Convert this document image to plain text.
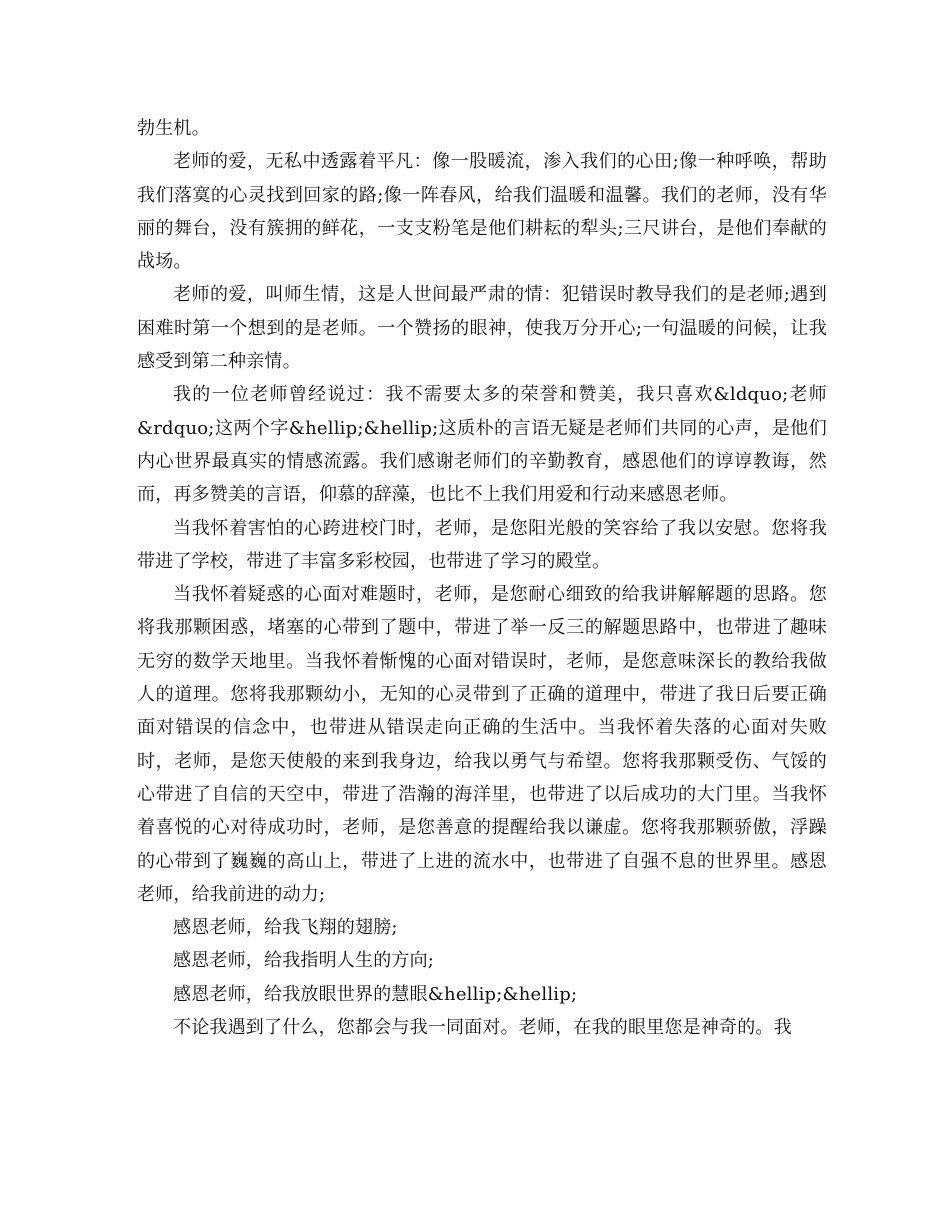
勃生机。

老师的爱，无私中透露着平凡：像一股暖流，渗入我们的心田;像一种呼唤，帮助我们落寞的心灵找到回家的路;像一阵春风，给我们温暖和温馨。我们的老师，没有华丽的舞台，没有簇拥的鲜花，一支支粉笔是他们耕耘的犁头;三尺讲台，是他们奉献的战场。

老师的爱，叫师生情，这是人世间最严肃的情：犯错误时教导我们的是老师;遇到困难时第一个想到的是老师。一个赞扬的眼神，使我万分开心;一句温暖的问候，让我感受到第二种亲情。

我的一位老师曾经说过：我不需要太多的荣誉和赞美，我只喜欢&ldquo;老师&rdquo;这两个字&hellip;&hellip;这质朴的言语无疑是老师们共同的心声，是他们内心世界最真实的情感流露。我们感谢老师们的辛勤教育，感恩他们的谆谆教诲，然而，再多赞美的言语，仰慕的辞藻，也比不上我们用爱和行动来感恩老师。

当我怀着害怕的心跨进校门时，老师，是您阳光般的笑容给了我以安慰。您将我带进了学校，带进了丰富多彩校园，也带进了学习的殿堂。

当我怀着疑惑的心面对难题时，老师，是您耐心细致的给我讲解解题的思路。您将我那颗困惑，堵塞的心带到了题中，带进了举一反三的解题思路中，也带进了趣味无穷的数学天地里。当我怀着惭愧的心面对错误时，老师，是您意味深长的教给我做人的道理。您将我那颗幼小，无知的心灵带到了正确的道理中，带进了我日后要正确面对错误的信念中，也带进从错误走向正确的生活中。当我怀着失落的心面对失败时，老师，是您天使般的来到我身边，给我以勇气与希望。您将我那颗受伤、气馁的心带进了自信的天空中，带进了浩瀚的海洋里，也带进了以后成功的大门里。当我怀着喜悦的心对待成功时，老师，是您善意的提醒给我以谦虚。您将我那颗骄傲，浮躁的心带到了巍巍的高山上，带进了上进的流水中，也带进了自强不息的世界里。感恩老师，给我前进的动力;

感恩老师，给我飞翔的翅膀;

感恩老师，给我指明人生的方向;

感恩老师，给我放眼世界的慧眼&hellip;&hellip;

不论我遇到了什么，您都会与我一同面对。老师，在我的眼里您是神奇的。我
